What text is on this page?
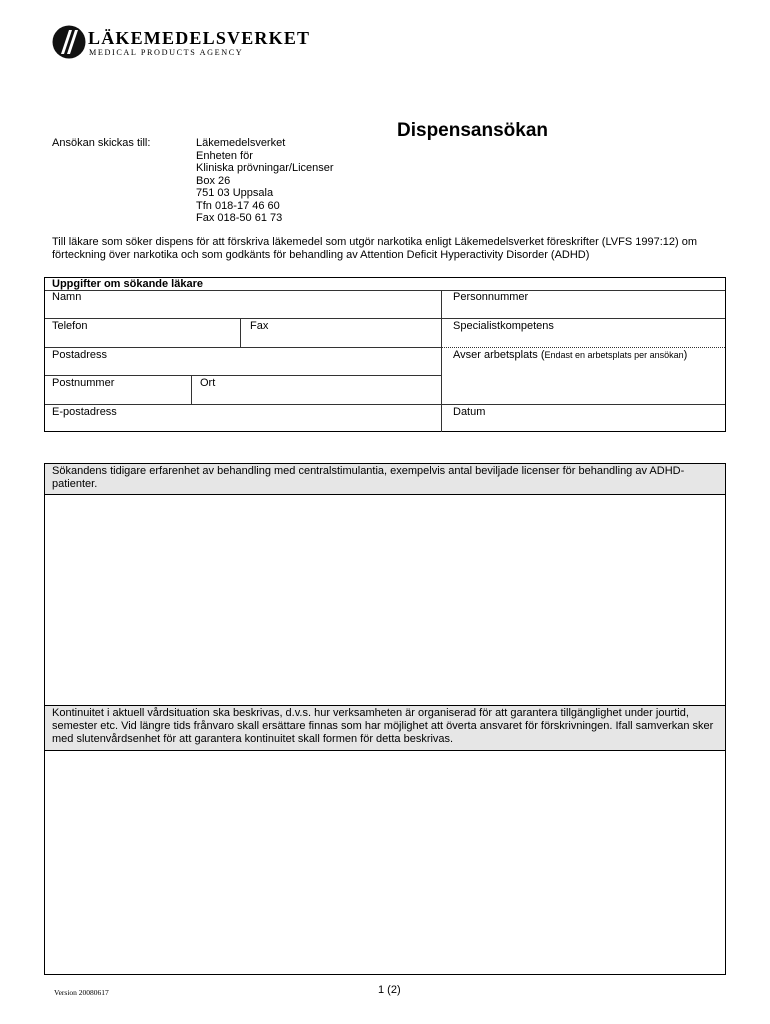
LÄKEMEDELSVERKET
MEDICAL PRODUCTS AGENCY
Dispensansökan
Ansökan skickas till:	Läkemedelsverket
Enheten för
Kliniska prövningar/Licenser
Box 26
751 03 Uppsala
Tfn 018-17 46 60
Fax 018-50 61 73
Till läkare som söker dispens för att förskriva läkemedel som utgör narkotika enligt Läkemedelsverket föreskrifter (LVFS 1997:12) om förteckning över narkotika och som godkänts för behandling av Attention Deficit Hyperactivity Disorder (ADHD)
Uppgifter om sökande läkare
Namn	Personnummer
Telefon	Fax	Specialistkompetens
Postadress	Avser arbetsplats (Endast en arbetsplats per ansökan)
Postnummer	Ort
E-postadress	Datum
Sökandens tidigare erfarenhet av behandling med centralstimulantia, exempelvis antal beviljade licenser för behandling av ADHD-patienter.
Kontinuitet i aktuell vårdsituation ska beskrivas, d.v.s. hur verksamheten är organiserad för att garantera tillgänglighet under jourtid, semester etc. Vid längre tids frånvaro skall ersättare finnas som har möjlighet att överta ansvaret för förskrivningen. Ifall samverkan sker med slutenvårdsenhet för att garantera kontinuitet skall formen för detta beskrivas.
Version 20080617	1 (2)
